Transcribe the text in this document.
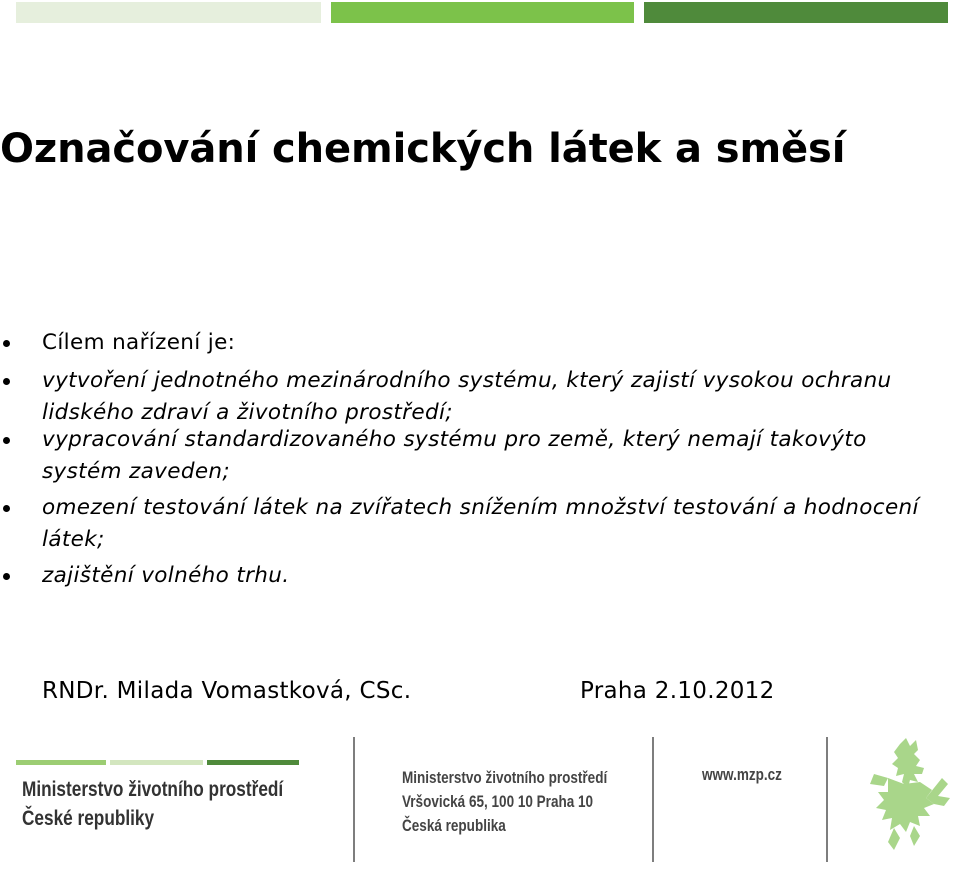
Označování chemických látek a směsí
Cílem nařízení je:
vytvoření jednotného mezinárodního systému, který zajistí vysokou ochranu lidského zdraví a životního prostředí;
vypracování standardizovaného systému pro země, který nemají takovýto systém zaveden;
omezení testování látek na zvířatech snížením množství testování a hodnocení látek;
zajištění volného trhu.
RNDr. Milada Vomastková, CSc.	Praha 2.10.2012
Ministerstvo životního prostředí
České republiky
Ministerstvo životního prostředí
Vršovická 65, 100 10 Praha 10
Česká republika
www.mzp.cz
